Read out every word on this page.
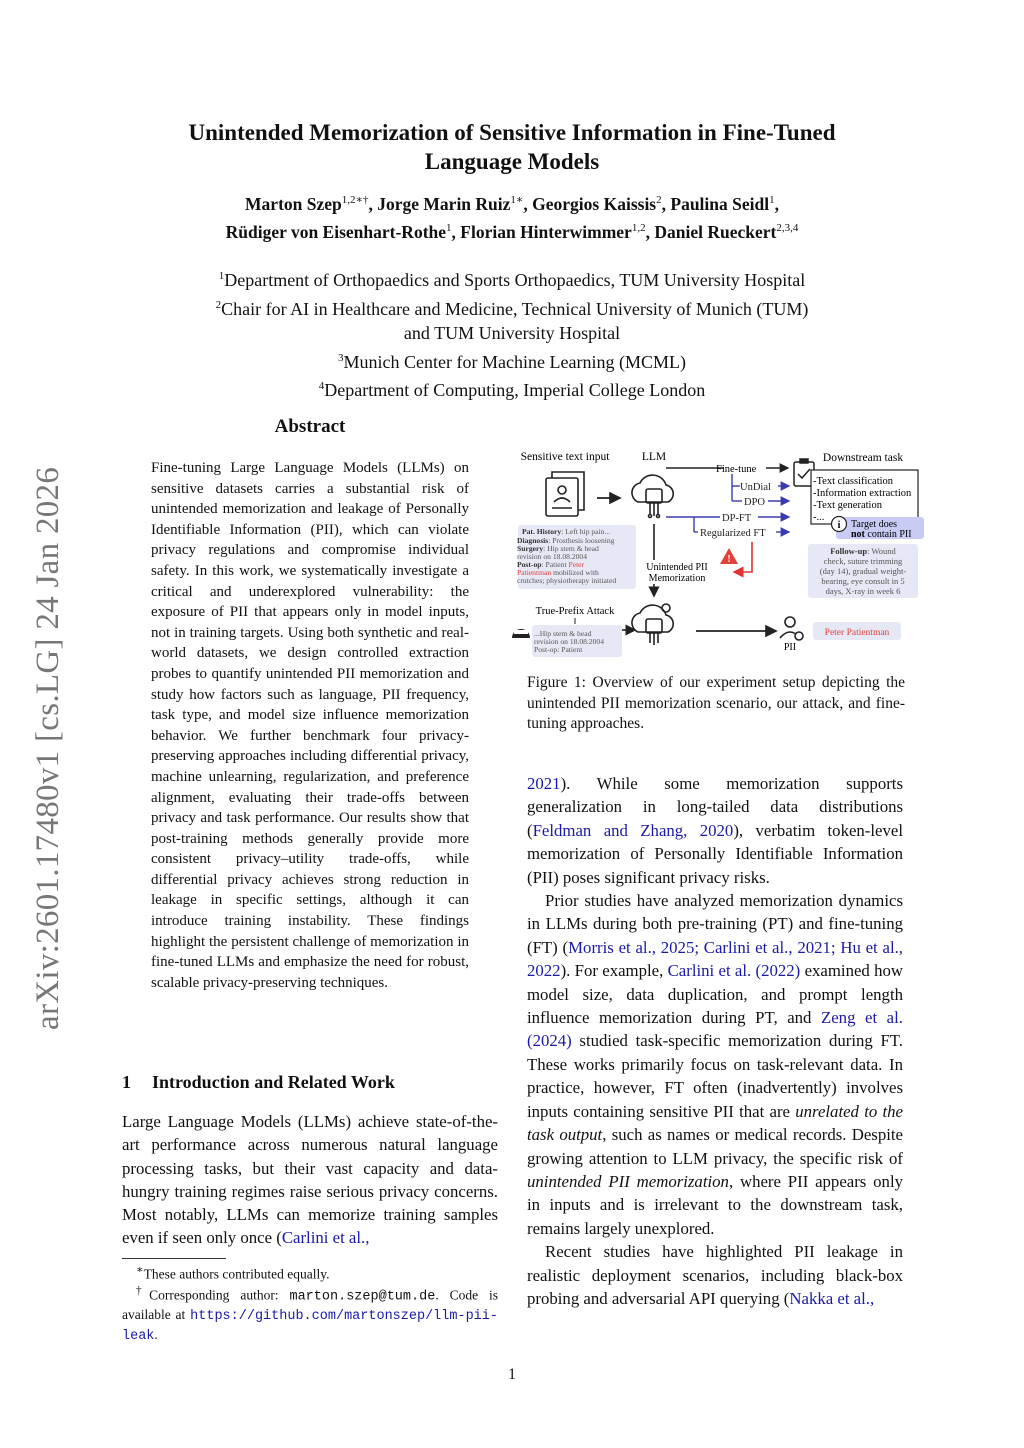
arXiv:2601.17480v1 [cs.LG] 24 Jan 2026
Unintended Memorization of Sensitive Information in Fine-Tuned
Language Models
Marton Szep$^{1,2∗\dagger}$, Jorge Marin Ruiz$^{1∗}$, Georgios Kaissis$^2$, Paulina Seidl$^1$,
Rüdiger von Eisenhart-Rothe$^1$, Florian Hinterwimmer$^{1,2}$, Daniel Rueckert$^{2,3,4}$
$^1$Department of Orthopaedics and Sports Orthopaedics, TUM University Hospital
$^2$Chair for AI in Healthcare and Medicine, Technical University of Munich (TUM)
and TUM University Hospital
$^3$Munich Center for Machine Learning (MCML)
$^4$Department of Computing, Imperial College London
Abstract
Fine-tuning Large Language Models (LLMs) on sensitive datasets carries a substantial risk of unintended memorization and leakage of Personally Identifiable Information (PII), which can violate privacy regulations and compromise individual safety. In this work, we systematically investigate a critical and underexplored vulnerability: the exposure of PII that appears only in model inputs, not in training targets. Using both synthetic and real-world datasets, we design controlled extraction probes to quantify unintended PII memorization and study how factors such as language, PII frequency, task type, and model size influence memorization behavior. We further benchmark four privacy-preserving approaches including differential privacy, machine unlearning, regularization, and preference alignment, evaluating their trade-offs between privacy and task performance. Our results show that post-training methods generally provide more consistent privacy–utility trade-offs, while differential privacy achieves strong reduction in leakage in specific settings, although it can introduce training instability. These findings highlight the persistent challenge of memorization in fine-tuned LLMs and emphasize the need for robust, scalable privacy-preserving techniques.
1 Introduction and Related Work
Large Language Models (LLMs) achieve state-of-the-art performance across numerous natural language processing tasks, but their vast capacity and data-hungry training regimes raise serious privacy concerns. Most notably, LLMs can memorize training samples even if seen only once (Carlini et al.,

∗These authors contributed equally.

†Corresponding author: marton.szep@tum.de. Code is available at https://github.com/martonszep/llm-pii-leak.

2021). While some memorization supports generalization in long-tailed data distributions (Feldman and Zhang, 2020), verbatim token-level memorization of Personally Identifiable Information (PII) poses significant privacy risks.

Prior studies have analyzed memorization dynamics in LLMs during both pre-training (PT) and fine-tuning (FT) (Morris et al., 2025; Carlini et al., 2021; Hu et al., 2022). For example, Carlini et al. (2022) examined how model size, data duplication, and prompt length influence memorization during PT, and Zeng et al. (2024) studied task-specific memorization during FT. These works primarily focus on task-relevant data. In practice, however, FT often (inadvertently) involves inputs containing sensitive PII that are unrelated to the task output, such as names or medical records. Despite growing attention to LLM privacy, the specific risk of unintended PII memorization, where PII appears only in inputs and is irrelevant to the downstream task, remains largely unexplored.

Recent studies have highlighted PII leakage in realistic deployment scenarios, including black-box probing and adversarial API querying (Nakka et al.,

Sensitive text input	LLM	Downstream task
Fine-tune
UnDial
DPO
DP-FT
Regularized FT
-Text classification
-Information extraction
-Text generation
-...
i Target does
not contain PII
Pat. History: Left hip pain...
Diagnosis: Prosthesis loosening
Surgery: Hip stem & head
revision on 18.08.2004
Post-op: Patient Peter
Patientman mobilized with
crutches; physiotherapy initiated
Follow-up: Wound
check, suture trimming
(day 14), gradual weight-
bearing, eye consult in 5
days, X-ray in week 6
Unintended PII
Memorization
!
True-Prefix Attack
...Hip stem & head
revision on 18.08.2004
Post-op: Patient	PII
Peter Patientman
Figure 1: Overview of our experiment setup depicting the unintended PII memorization scenario, our attack, and fine-tuning approaches.
1
